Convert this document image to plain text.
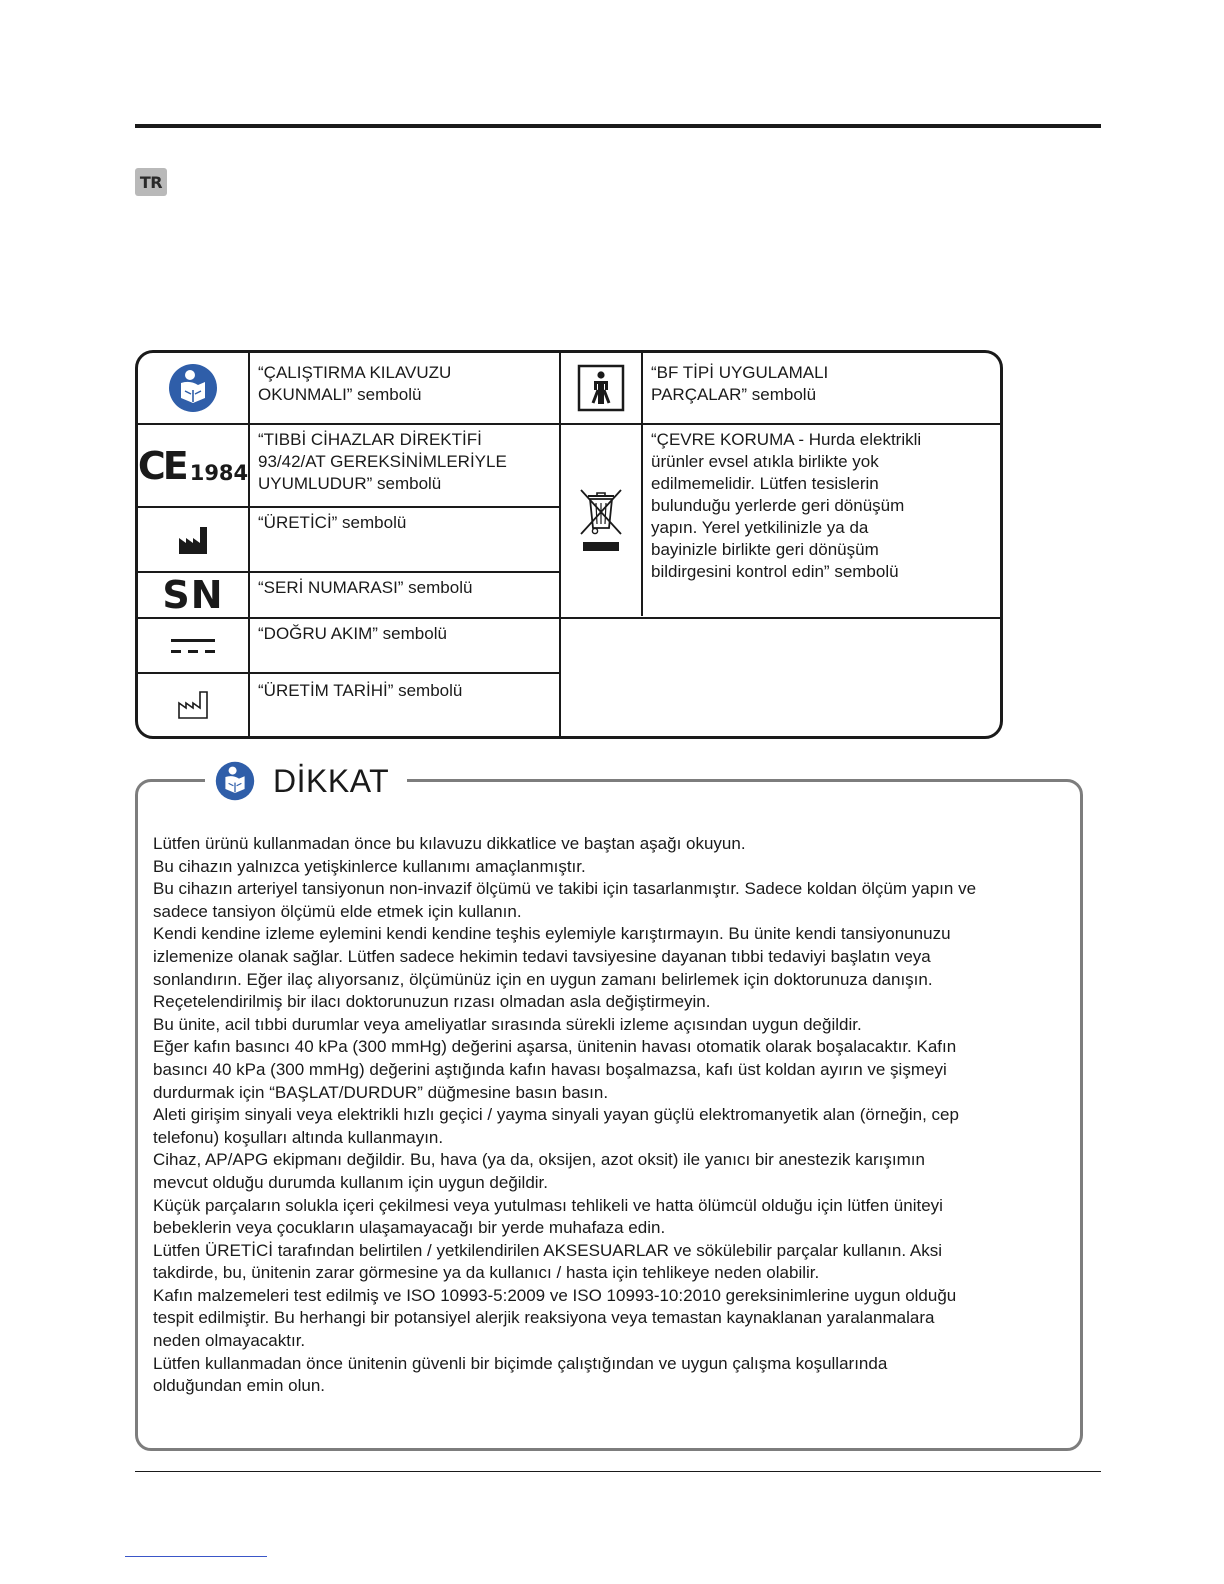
TR
“ÇALIŞTIRMA KILAVUZU
OKUNMALI” sembolü
“BF TİPİ UYGULAMALI
PARÇALAR” sembolü
CE 1984
“TIBBİ CİHAZLAR DİREKTİFİ
93/42/AT GEREKSİNİMLERİYLE
UYUMLUDUR” sembolü
“ÇEVRE KORUMA - Hurda elektrikli
ürünler evsel atıkla birlikte yok
edilmemelidir. Lütfen tesislerin
bulunduğu yerlerde geri dönüşüm
yapın. Yerel yetkilinizle ya da
bayinizle birlikte geri dönüşüm
bildirgesini kontrol edin” sembolü
“ÜRETİCİ” sembolü
SN “SERİ NUMARASI” sembolü
“DOĞRU AKIM” sembolü
“ÜRETİM TARİHİ” sembolü
DİKKAT
Lütfen ürünü kullanmadan önce bu kılavuzu dikkatlice ve baştan aşağı okuyun.
Bu cihazın yalnızca yetişkinlerce kullanımı amaçlanmıştır.
Bu cihazın arteriyel tansiyonun non-invazif ölçümü ve takibi için tasarlanmıştır. Sadece koldan ölçüm yapın ve
sadece tansiyon ölçümü elde etmek için kullanın.
Kendi kendine izleme eylemini kendi kendine teşhis eylemiyle karıştırmayın. Bu ünite kendi tansiyonunuzu
izlemenize olanak sağlar. Lütfen sadece hekimin tedavi tavsiyesine dayanan tıbbi tedaviyi başlatın veya
sonlandırın. Eğer ilaç alıyorsanız, ölçümünüz için en uygun zamanı belirlemek için doktorunuza danışın.
Reçetelendirilmiş bir ilacı doktorunuzun rızası olmadan asla değiştirmeyin.
Bu ünite, acil tıbbi durumlar veya ameliyatlar sırasında sürekli izleme açısından uygun değildir.
Eğer kafın basıncı 40 kPa (300 mmHg) değerini aşarsa, ünitenin havası otomatik olarak boşalacaktır. Kafın
basıncı 40 kPa (300 mmHg) değerini aştığında kafın havası boşalmazsa, kafı üst koldan ayırın ve şişmeyi
durdurmak için “BAŞLAT/DURDUR” düğmesine basın basın.
Aleti girişim sinyali veya elektrikli hızlı geçici / yayma sinyali yayan güçlü elektromanyetik alan (örneğin, cep
telefonu) koşulları altında kullanmayın.
Cihaz, AP/APG ekipmanı değildir. Bu, hava (ya da, oksijen, azot oksit) ile yanıcı bir anestezik karışımın
mevcut olduğu durumda kullanım için uygun değildir.
Küçük parçaların solukla içeri çekilmesi veya yutulması tehlikeli ve hatta ölümcül olduğu için lütfen üniteyi
bebeklerin veya çocukların ulaşamayacağı bir yerde muhafaza edin.
Lütfen ÜRETİCİ tarafından belirtilen / yetkilendirilen AKSESUARLAR ve sökülebilir parçalar kullanın. Aksi
takdirde, bu, ünitenin zarar görmesine ya da kullanıcı / hasta için tehlikeye neden olabilir.
Kafın malzemeleri test edilmiş ve ISO 10993-5:2009 ve ISO 10993-10:2010 gereksinimlerine uygun olduğu
tespit edilmiştir. Bu herhangi bir potansiyel alerjik reaksiyona veya temastan kaynaklanan yaralanmalara
neden olmayacaktır.
Lütfen kullanmadan önce ünitenin güvenli bir biçimde çalıştığından ve uygun çalışma koşullarında
olduğundan emin olun.
